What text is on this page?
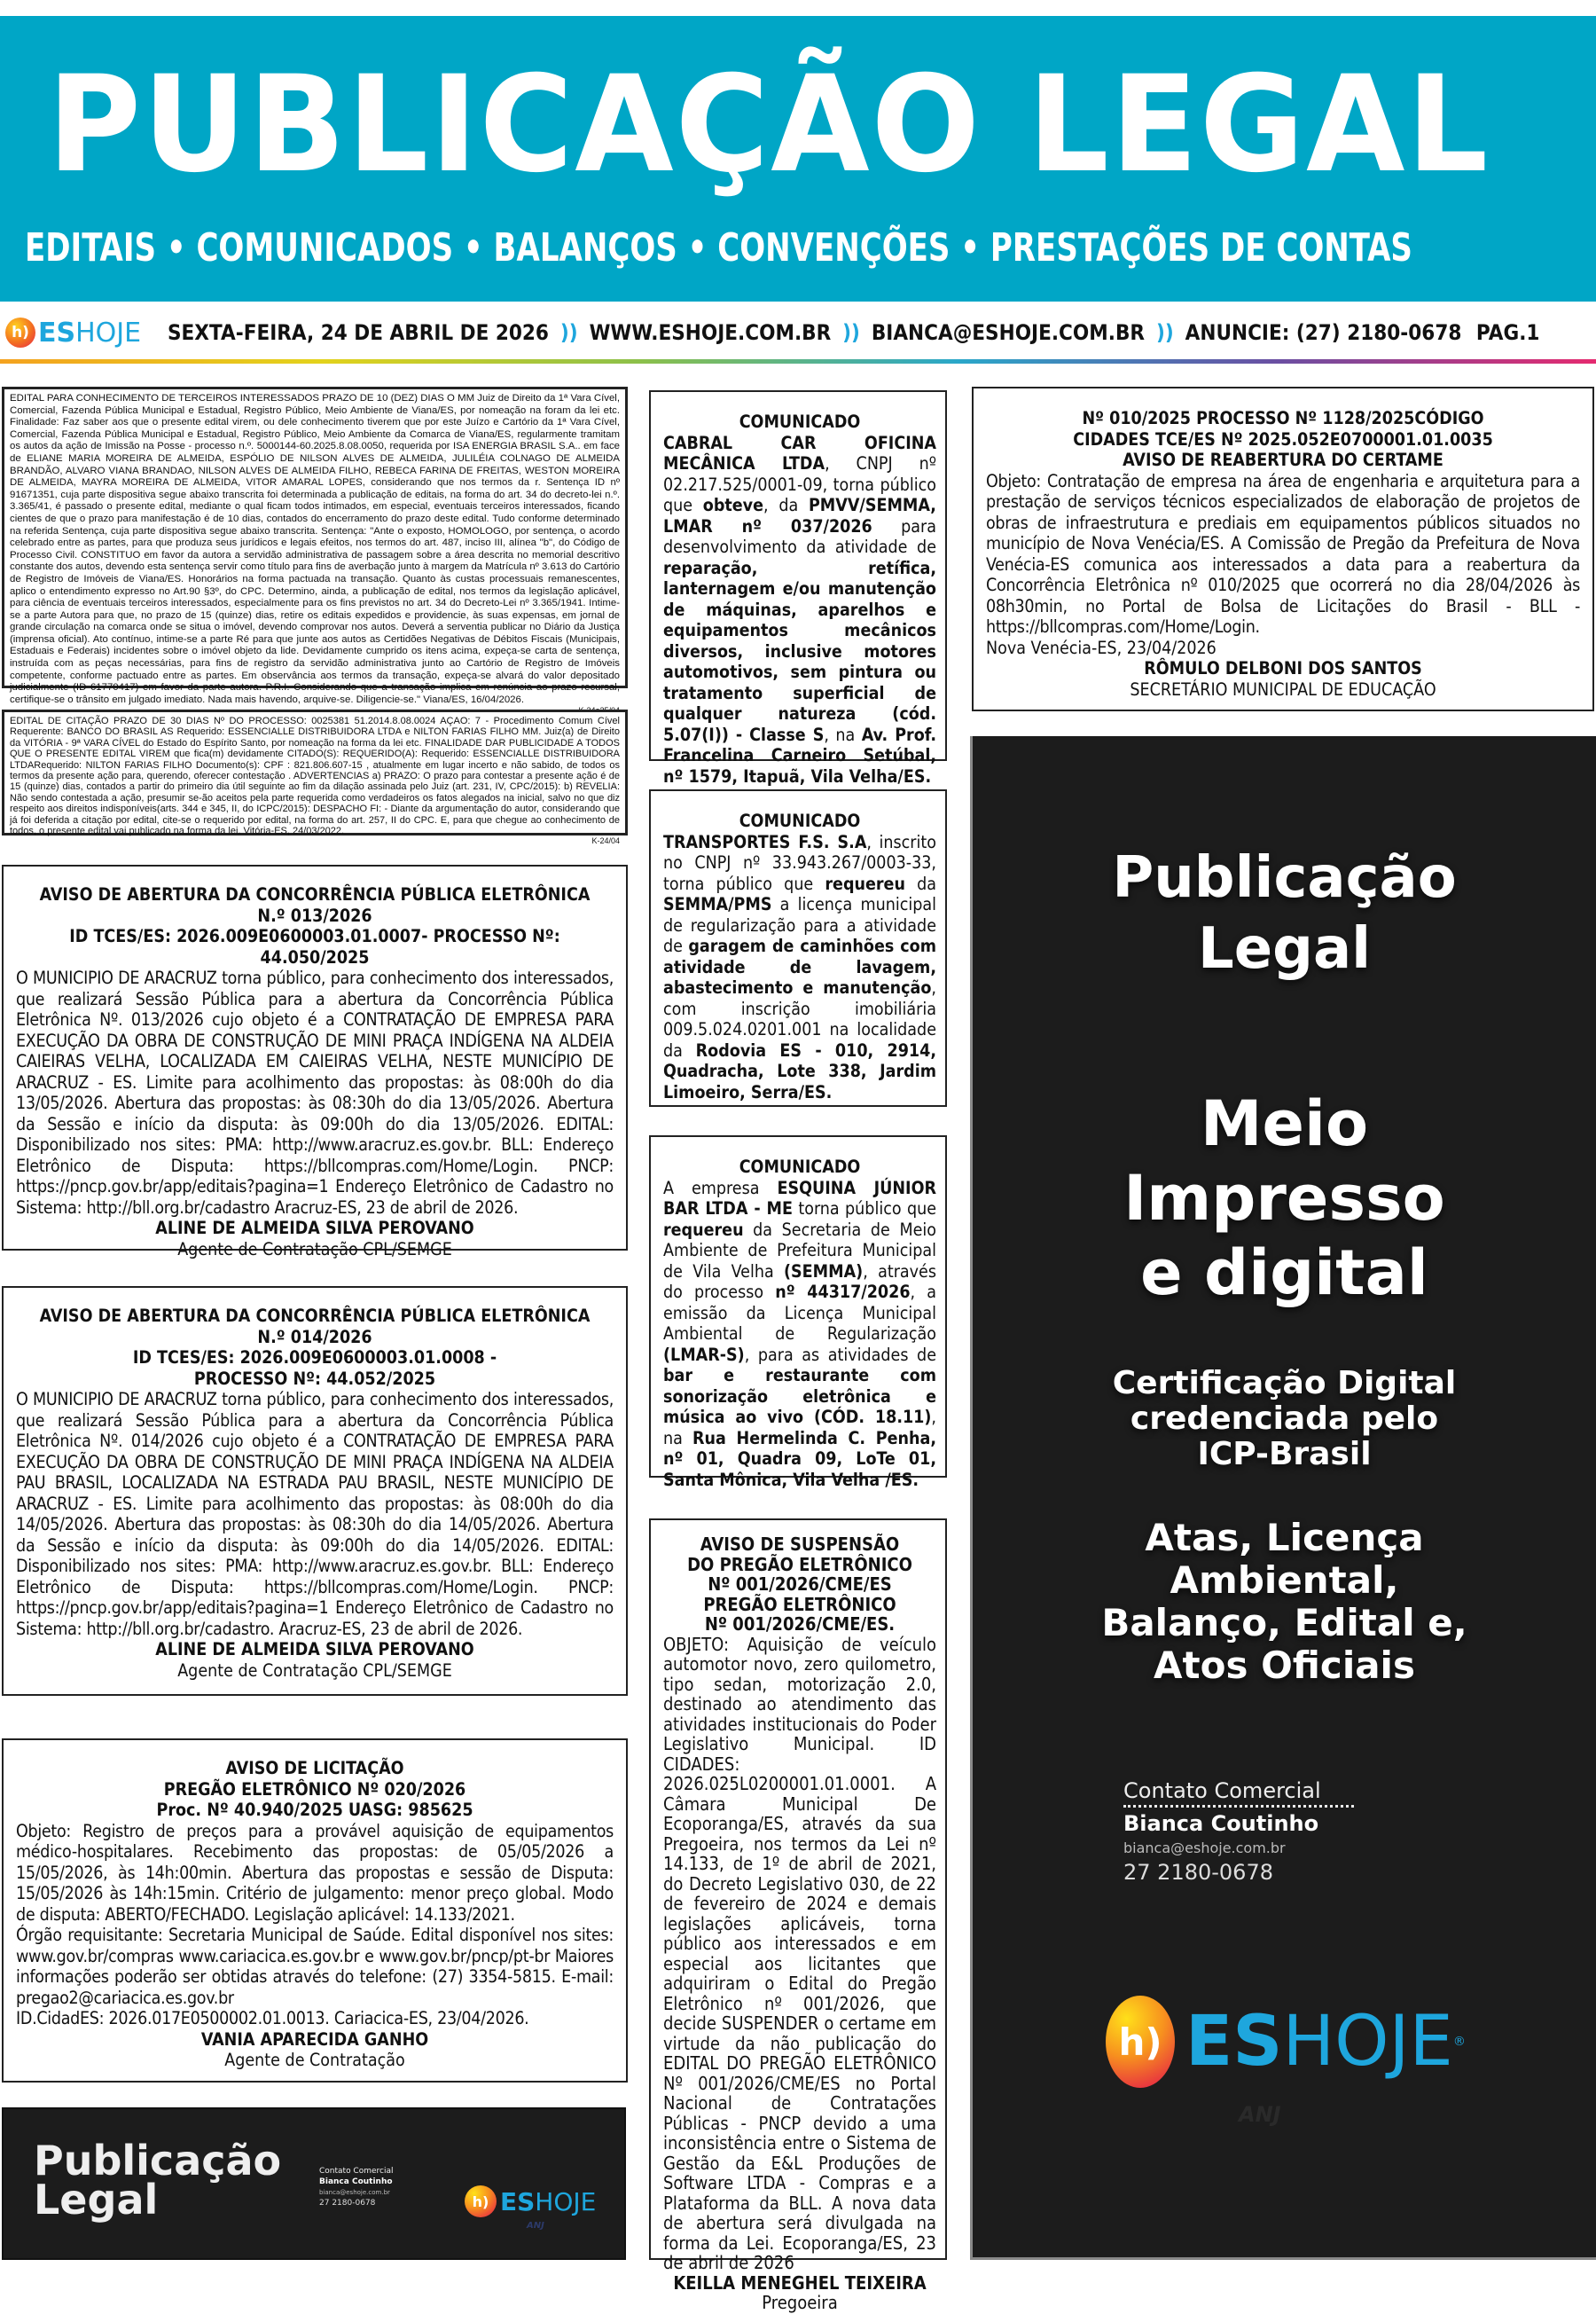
PUBLICAÇÃO LEGAL
EDITAIS • COMUNICADOS • BALANÇOS • CONVENÇÕES • PRESTAÇÕES DE CONTAS
h) ES HOJE SEXTA-FEIRA, 24 DE ABRIL DE 2026 )) WWW.ESHOJE.COM.BR )) BIANCA@ESHOJE.COM.BR )) ANUNCIE: (27) 2180-0678 PAG.1
EDITAL PARA CONHECIMENTO DE TERCEIROS INTERESSADOS PRAZO DE 10 (DEZ) DIAS O MM Juiz de Direito da 1ª Vara Cível, Comercial, Fazenda Pública Municipal e Estadual, Registro Público, Meio Ambiente de Viana/ES, por nomeação na foram da lei etc. Finalidade: Faz saber aos que o presente edital virem, ou dele conhecimento tiverem que por este Juízo e Cartório da 1ª Vara Cível, Comercial, Fazenda Pública Municipal e Estadual, Registro Público, Meio Ambiente da Comarca de Viana/ES, regularmente tramitam os autos da ação de Imissão na Posse - processo n.º. 5000144-60.2025.8.08.0050, requerida por ISA ENERGIA BRASIL S.A.. em face de ELIANE MARIA MOREIRA DE ALMEIDA, ESPÓLIO DE NILSON ALVES DE ALMEIDA, JULILÉIA COLNAGO DE ALMEIDA BRANDÃO, ALVARO VIANA BRANDAO, NILSON ALVES DE ALMEIDA FILHO, REBECA FARINA DE FREITAS, WESTON MOREIRA DE ALMEIDA, MAYRA MOREIRA DE ALMEIDA, VITOR AMARAL LOPES, considerando que nos termos da r. Sentença ID nº 91671351, cuja parte dispositiva segue abaixo transcrita foi determinada a publicação de editais, na forma do art. 34 do decreto-lei n.º. 3.365/41, é passado o presente edital, mediante o qual ficam todos intimados, em especial, eventuais terceiros interessados, ficando cientes de que o prazo para manifestação é de 10 dias, contados do encerramento do prazo deste edital. Tudo conforme determinado na referida Sentença, cuja parte dispositiva segue abaixo transcrita. Sentença: "Ante o exposto, HOMOLOGO, por sentença, o acordo celebrado entre as partes, para que produza seus jurídicos e legais efeitos, nos termos do art. 487, inciso III, alínea "b", do Código de Processo Civil. CONSTITUO em favor da autora a servidão administrativa de passagem sobre a área descrita no memorial descritivo constante dos autos, devendo esta sentença servir como título para fins de averbação junto à margem da Matrícula nº 3.613 do Cartório de Registro de Imóveis de Viana/ES. Honorários na forma pactuada na transação. Quanto às custas processuais remanescentes, aplico o entendimento expresso no Art.90 §3º, do CPC. Determino, ainda, a publicação de edital, nos termos da legislação aplicável, para ciência de eventuais terceiros interessados, especialmente para os fins previstos no art. 34 do Decreto-Lei nº 3.365/1941. Intime-se a parte Autora para que, no prazo de 15 (quinze) dias, retire os editais expedidos e providencie, às suas expensas, em jornal de grande circulação na comarca onde se situa o imóvel, devendo comprovar nos autos. Deverá a serventia publicar no Diário da Justiça (imprensa oficial). Ato contínuo, intime-se a parte Ré para que junte aos autos as Certidões Negativas de Débitos Fiscais (Municipais, Estaduais e Federais) incidentes sobre o imóvel objeto da lide. Devidamente cumprido os itens acima, expeça-se carta de sentença, instruída com as peças necessárias, para fins de registro da servidão administrativa junto ao Cartório de Registro de Imóveis competente, conforme pactuado entre as partes. Em observância aos termos da transação, expeça-se alvará do valor depositado judicialmente (ID 61770417) em favor da parte autora. P.R.I. Considerando que a transação implica em renúncia ao prazo recursal, certifique-se o trânsito em julgado imediato. Nada mais havendo, arquive-se. Diligencie-se." Viana/ES, 16/04/2026.
EDITAL DE CITAÇÃO PRAZO DE 30 DIAS Nº DO PROCESSO: 0025381 51.2014.8.08.0024 AÇAO: 7 - Procedimento Comum Cível Requerente: BANCO DO BRASIL AS Requerido: ESSENCIALLE DISTRIBUIDORA LTDA e NILTON FARIAS FILHO MM. Juiz(a) de Direito da VITÓRIA - 9ª VARA CÍVEL do Estado do Espírito Santo, por nomeação na forma da lei etc. FINALIDADE DAR PUBLICIDADE A TODOS QUE O PRESENTE EDITAL VIREM que fica(m) devidamente CITADO(S): REQUERIDO(A): Requerido: ESSENCIALLE DISTRIBUIDORA LTDARequerido: NILTON FARIAS FILHO Documento(s): CPF : 821.806.607-15 , atualmente em lugar incerto e não sabido, de todos os termos da presente ação para, querendo, oferecer contestação . ADVERTENCIAS a) PRAZO: O prazo para contestar a presente ação é de 15 (quinze) dias, contados a partir do primeiro dia útil seguinte ao fim da dilação assinada pelo Juiz (art. 231, IV, CPC/2015): b) REVELIA: Não sendo contestada a ação, presumir se-ão aceitos pela parte requerida como verdadeiros os fatos alegados na inicial, salvo no que diz respeito aos direitos indisponíveis(arts. 344 e 345, II, do ICPC/2015): DESPACHO FI: - Diante da argumentação do autor, considerando que já foi deferida a citação por edital, cite-se o requerido por edital, na forma do art. 257, II do CPC. E, para que chegue ao conhecimento de todos, o presente edital vai publicado na forma da lei. Vitória-ES, 24/03/2022.
K-24/04
AVISO DE ABERTURA DA CONCORRÊNCIA PÚBLICA ELETRÔNICA
N.º 013/2026
ID TCES/ES: 2026.009E0600003.01.0007- PROCESSO Nº: 44.050/2025
O MUNICIPIO DE ARACRUZ torna público, para conhecimento dos interessados, que realizará Sessão Pública para a abertura da Concorrência Pública Eletrônica Nº. 013/2026 cujo objeto é a CONTRATAÇÃO DE EMPRESA PARA EXECUÇÃO DA OBRA DE CONSTRUÇÃO DE MINI PRAÇA INDÍGENA NA ALDEIA CAIEIRAS VELHA, LOCALIZADA EM CAIEIRAS VELHA, NESTE MUNICÍPIO DE ARACRUZ - ES. Limite para acolhimento das propostas: às 08:00h do dia 13/05/2026. Abertura das propostas: às 08:30h do dia 13/05/2026. Abertura da Sessão e início da disputa: às 09:00h do dia 13/05/2026. EDITAL: Disponibilizado nos sites: PMA: http://www.aracruz.es.gov.br. BLL: Endereço Eletrônico de Disputa: https://bllcompras.com/Home/Login. PNCP: https://pncp.gov.br/app/editais?pagina=1 Endereço Eletrônico de Cadastro no Sistema: http://bll.org.br/cadastro Aracruz-ES, 23 de abril de 2026.
ALINE DE ALMEIDA SILVA PEROVANO
Agente de Contratação CPL/SEMGE
AVISO DE ABERTURA DA CONCORRÊNCIA PÚBLICA ELETRÔNICA
N.º 014/2026
ID TCES/ES: 2026.009E0600003.01.0008 -
PROCESSO Nº: 44.052/2025
O MUNICIPIO DE ARACRUZ torna público, para conhecimento dos interessados, que realizará Sessão Pública para a abertura da Concorrência Pública Eletrônica Nº. 014/2026 cujo objeto é a CONTRATAÇÃO DE EMPRESA PARA EXECUÇÃO DA OBRA DE CONSTRUÇÃO DE MINI PRAÇA INDÍGENA NA ALDEIA PAU BRASIL, LOCALIZADA NA ESTRADA PAU BRASIL, NESTE MUNICÍPIO DE ARACRUZ - ES. Limite para acolhimento das propostas: às 08:00h do dia 14/05/2026. Abertura das propostas: às 08:30h do dia 14/05/2026. Abertura da Sessão e início da disputa: às 09:00h do dia 14/05/2026. EDITAL: Disponibilizado nos sites: PMA: http://www.aracruz.es.gov.br. BLL: Endereço Eletrônico de Disputa: https://bllcompras.com/Home/Login. PNCP: https://pncp.gov.br/app/editais?pagina=1 Endereço Eletrônico de Cadastro no Sistema: http://bll.org.br/cadastro. Aracruz-ES, 23 de abril de 2026.
ALINE DE ALMEIDA SILVA PEROVANO
Agente de Contratação CPL/SEMGE
AVISO DE LICITAÇÃO
PREGÃO ELETRÔNICO Nº 020/2026
Proc. Nº 40.940/2025 UASG: 985625
Objeto: Registro de preços para a provável aquisição de equipamentos médico-hospitalares. Recebimento das propostas: de 05/05/2026 a 15/05/2026, às 14h:00min. Abertura das propostas e sessão de Disputa: 15/05/2026 às 14h:15min. Critério de julgamento: menor preço global. Modo de disputa: ABERTO/FECHADO. Legislação aplicável: 14.133/2021.
Órgão requisitante: Secretaria Municipal de Saúde. Edital disponível nos sites: www.gov.br/compras www.cariacica.es.gov.br e www.gov.br/pncp/pt-br Maiores informações poderão ser obtidas através do telefone: (27) 3354-5815. E-mail: pregao2@cariacica.es.gov.br
ID.CidadES: 2026.017E0500002.01.0013. Cariacica-ES, 23/04/2026.
VANIA APARECIDA GANHO
Agente de Contratação
Publicação
Legal
Contato Comercial
Bianca Coutinho
bianca@eshoje.com.br
27 2180-0678	h) ES HOJE
ANJ
COMUNICADO
CABRAL CAR OFICINA MECÂNICA LTDA, CNPJ nº 02.217.525/0001-09, torna público que obteve, da PMVV/SEMMA, LMAR nº 037/2026 para desenvolvimento da atividade de reparação, retífica, lanternagem e/ou manutenção de máquinas, aparelhos e equipamentos mecânicos diversos, inclusive motores automotivos, sem pintura ou tratamento superficial de qualquer natureza (cód. 5.07(I)) - Classe S, na Av. Prof. Francelina Carneiro Setúbal, nº 1579, Itapuã, Vila Velha/ES.
COMUNICADO
TRANSPORTES F.S. S.A, inscrito no CNPJ nº 33.943.267/0003-33, torna público que requereu da SEMMA/PMS a licença municipal de regularização para a atividade de garagem de caminhões com atividade de lavagem, abastecimento e manutenção, com inscrição imobiliária 009.5.024.0201.001 na localidade da Rodovia ES - 010, 2914, Quadracha, Lote 338, Jardim Limoeiro, Serra/ES.
COMUNICADO
A empresa ESQUINA JÚNIOR BAR LTDA - ME torna público que requereu da Secretaria de Meio Ambiente de Prefeitura Municipal de Vila Velha (SEMMA), através do processo nº 44317/2026, a emissão da Licença Municipal Ambiental de Regularização (LMAR-S), para as atividades de bar e restaurante com sonorização eletrônica e música ao vivo (CÓD. 18.11), na Rua Hermelinda C. Penha, nº 01, Quadra 09, LoTe 01, Santa Mônica, Vila Velha /ES.
AVISO DE SUSPENSÃO
DO PREGÃO ELETRÔNICO
Nº 001/2026/CME/ES
PREGÃO ELETRÔNICO
Nº 001/2026/CME/ES.
OBJETO: Aquisição de veículo automotor novo, zero quilometro, tipo sedan, motorização 2.0, destinado ao atendimento das atividades institucionais do Poder Legislativo Municipal. ID CIDADES: 2026.025L0200001.01.0001. A Câmara Municipal De Ecoporanga/ES, através da sua Pregoeira, nos termos da Lei nº 14.133, de 1º de abril de 2021, do Decreto Legislativo 030, de 22 de fevereiro de 2024 e demais legislações aplicáveis, torna público aos interessados e em especial aos licitantes que adquiriram o Edital do Pregão Eletrônico nº 001/2026, que decide SUSPENDER o certame em virtude da não publicação do EDITAL DO PREGÃO ELETRÔNICO Nº 001/2026/CME/ES no Portal Nacional de Contratações Públicas - PNCP devido a uma inconsistência entre o Sistema de Gestão da E&L Produções de Software LTDA - Compras e a Plataforma da BLL. A nova data de abertura será divulgada na forma da Lei. Ecoporanga/ES, 23 de abril de 2026
KEILLA MENEGHEL TEIXEIRA
Pregoeira
Nº 010/2025 PROCESSO Nº 1128/2025CÓDIGO
CIDADES TCE/ES Nº 2025.052E0700001.01.0035
AVISO DE REABERTURA DO CERTAME
Objeto: Contratação de empresa na área de engenharia e arquitetura para a prestação de serviços técnicos especializados de elaboração de projetos de obras de infraestrutura e prediais em equipamentos públicos situados no município de Nova Venécia/ES. A Comissão de Pregão da Prefeitura de Nova Venécia-ES comunica aos interessados a data para a reabertura da Concorrência Eletrônica nº 010/2025 que ocorrerá no dia 28/04/2026 às 08h30min, no Portal de Bolsa de Licitações do Brasil - BLL - https://bllcompras.com/Home/Login.
Nova Venécia-ES, 23/04/2026
RÔMULO DELBONI DOS SANTOS
SECRETÁRIO MUNICIPAL DE EDUCAÇÃO
Publicação
Legal
Meio
Impresso
e digital
Certificação Digital
credenciada pelo
ICP-Brasil
Atas, Licença
Ambiental,
Balanço, Edital e,
Atos Oficiais
Contato Comercial
Bianca Coutinho
bianca@eshoje.com.br
27 2180-0678
h) ES HOJE ®
ANJ
